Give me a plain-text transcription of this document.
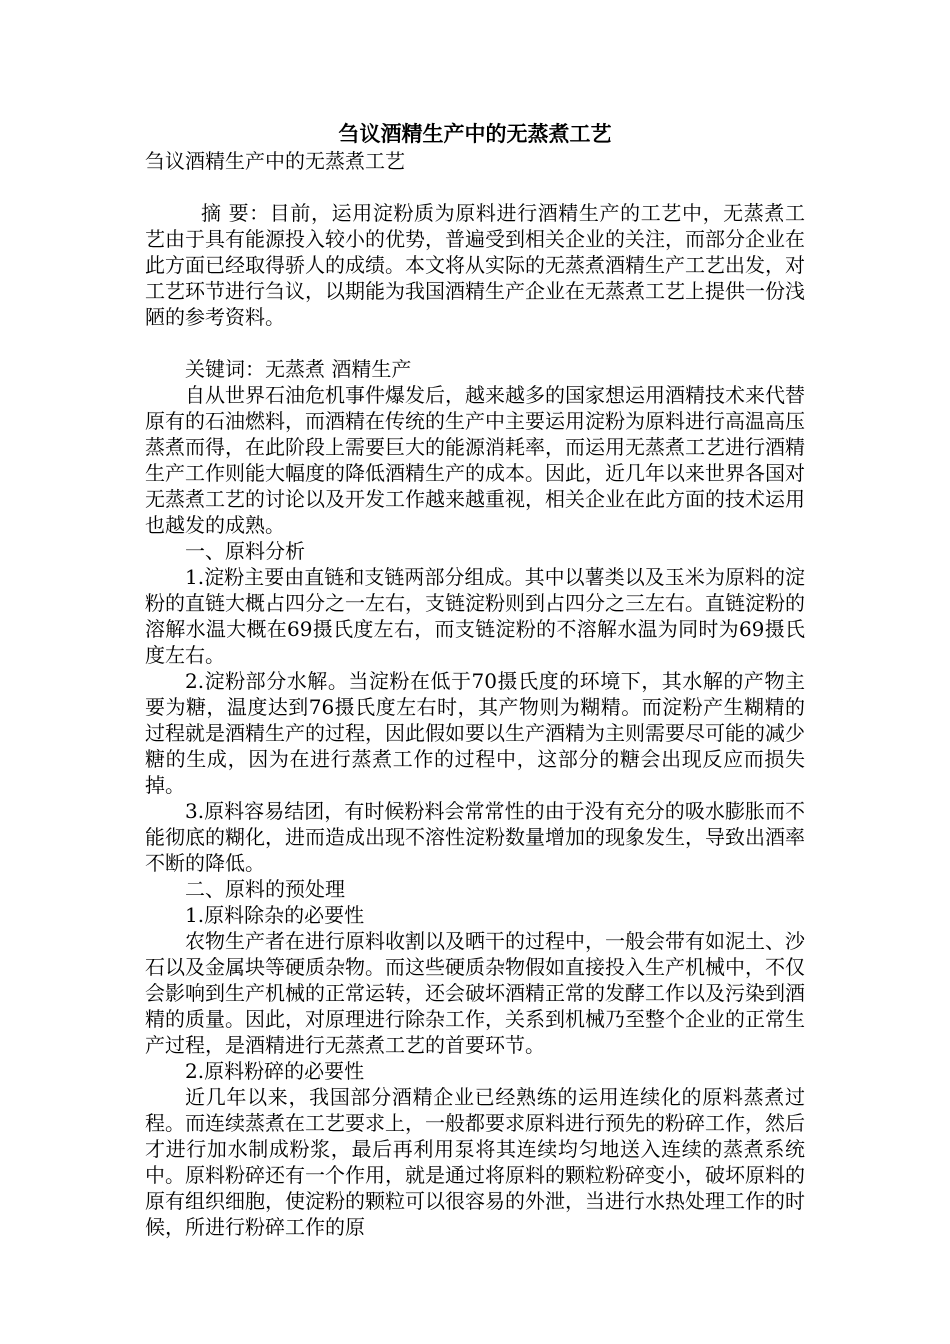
刍议酒精生产中的无蒸煮工艺

刍议酒精生产中的无蒸煮工艺

摘 要：目前，运用淀粉质为原料进行酒精生产的工艺中，无蒸煮工艺由于具有能源投入较小的优势，普遍受到相关企业的关注，而部分企业在此方面已经取得骄人的成绩。本文将从实际的无蒸煮酒精生产工艺出发，对工艺环节进行刍议，以期能为我国酒精生产企业在无蒸煮工艺上提供一份浅陋的参考资料。

关键词：无蒸煮 酒精生产

自从世界石油危机事件爆发后，越来越多的国家想运用酒精技术来代替原有的石油燃料，而酒精在传统的生产中主要运用淀粉为原料进行高温高压蒸煮而得，在此阶段上需要巨大的能源消耗率，而运用无蒸煮工艺进行酒精生产工作则能大幅度的降低酒精生产的成本。因此，近几年以来世界各国对无蒸煮工艺的讨论以及开发工作越来越重视，相关企业在此方面的技术运用也越发的成熟。

一、原料分析

1.淀粉主要由直链和支链两部分组成。其中以薯类以及玉米为原料的淀粉的直链大概占四分之一左右，支链淀粉则到占四分之三左右。直链淀粉的溶解水温大概在69摄氏度左右，而支链淀粉的不溶解水温为同时为69摄氏度左右。

2.淀粉部分水解。当淀粉在低于70摄氏度的环境下，其水解的产物主要为糖，温度达到76摄氏度左右时，其产物则为糊精。而淀粉产生糊精的过程就是酒精生产的过程，因此假如要以生产酒精为主则需要尽可能的减少糖的生成，因为在进行蒸煮工作的过程中，这部分的糖会出现反应而损失掉。

3.原料容易结团，有时候粉料会常常性的由于没有充分的吸水膨胀而不能彻底的糊化，进而造成出现不溶性淀粉数量增加的现象发生，导致出酒率不断的降低。

二、原料的预处理

1.原料除杂的必要性

农物生产者在进行原料收割以及晒干的过程中，一般会带有如泥土、沙石以及金属块等硬质杂物。而这些硬质杂物假如直接投入生产机械中，不仅会影响到生产机械的正常运转，还会破坏酒精正常的发酵工作以及污染到酒精的质量。因此，对原理进行除杂工作，关系到机械乃至整个企业的正常生产过程，是酒精进行无蒸煮工艺的首要环节。

2.原料粉碎的必要性

近几年以来，我国部分酒精企业已经熟练的运用连续化的原料蒸煮过程。而连续蒸煮在工艺要求上，一般都要求原料进行预先的粉碎工作，然后才进行加水制成粉浆，最后再利用泵将其连续均匀地送入连续的蒸煮系统中。原料粉碎还有一个作用，就是通过将原料的颗粒粉碎变小，破坏原料的原有组织细胞，使淀粉的颗粒可以很容易的外泄，当进行水热处理工作的时候，所进行粉碎工作的原
